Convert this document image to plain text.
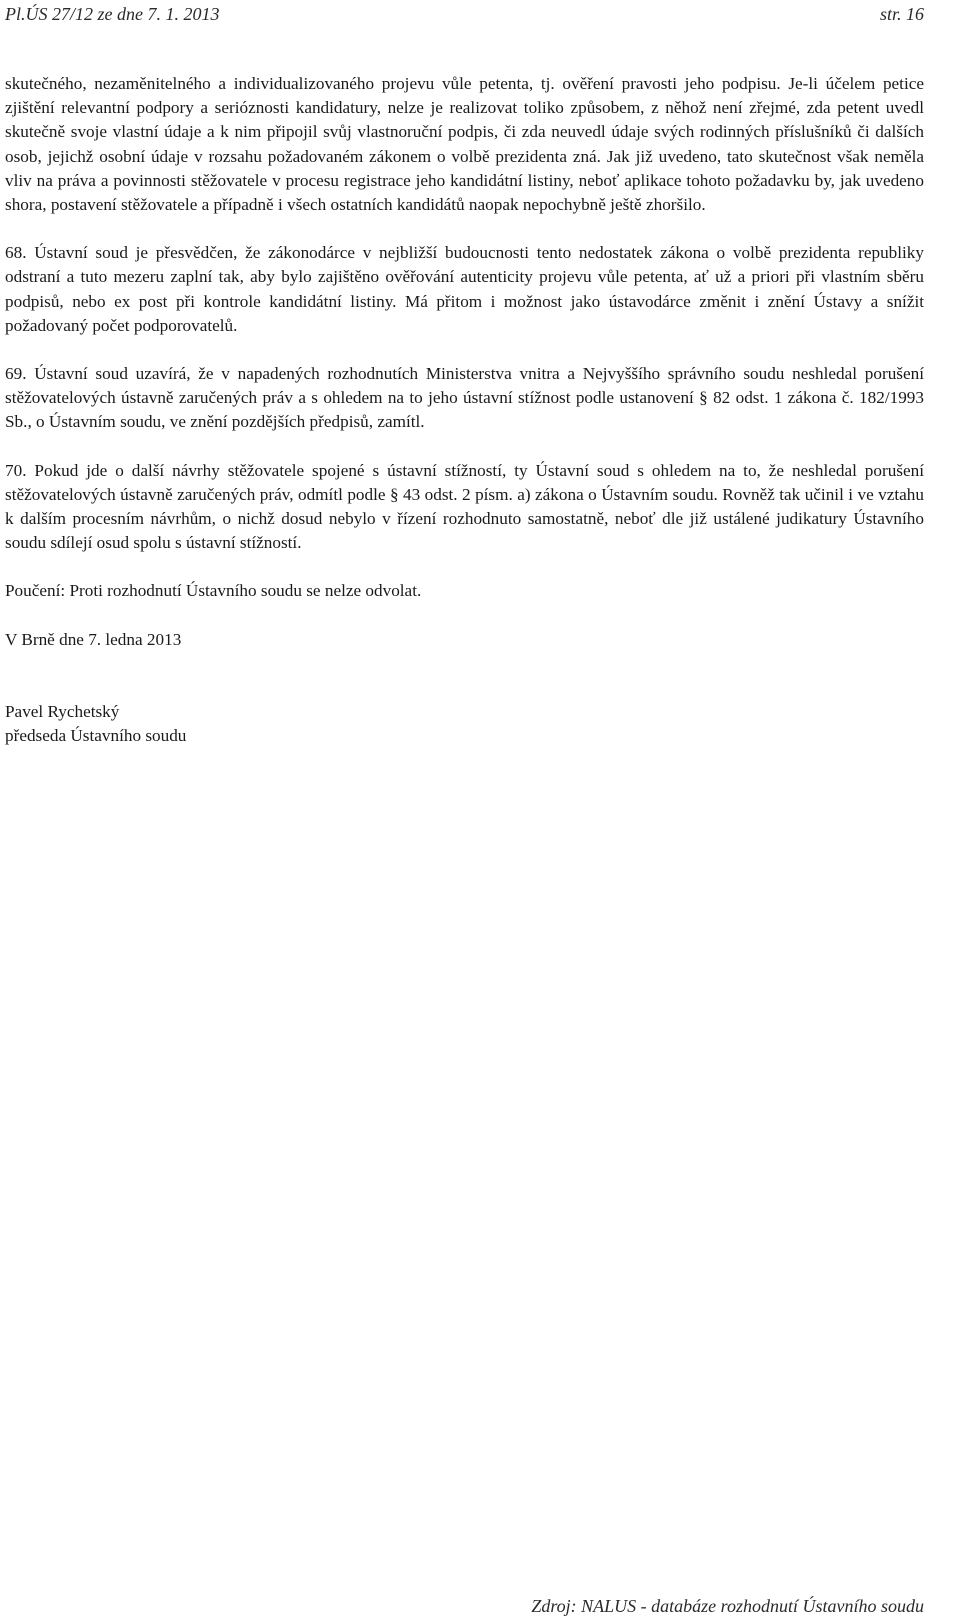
Pl.ÚS 27/12 ze dne 7. 1. 2013	str. 16

skutečného, nezaměnitelného a individualizovaného projevu vůle petenta, tj. ověření pravosti jeho podpisu. Je-li účelem petice zjištění relevantní podpory a serióznosti kandidatury, nelze je realizovat toliko způsobem, z něhož není zřejmé, zda petent uvedl skutečně svoje vlastní údaje a k nim připojil svůj vlastnoruční podpis, či zda neuvedl údaje svých rodinných příslušníků či dalších osob, jejichž osobní údaje v rozsahu požadovaném zákonem o volbě prezidenta zná. Jak již uvedeno, tato skutečnost však neměla vliv na práva a povinnosti stěžovatele v procesu registrace jeho kandidátní listiny, neboť aplikace tohoto požadavku by, jak uvedeno shora, postavení stěžovatele a případně i všech ostatních kandidátů naopak nepochybně ještě zhoršilo.

68. Ústavní soud je přesvědčen, že zákonodárce v nejbližší budoucnosti tento nedostatek zákona o volbě prezidenta republiky odstraní a tuto mezeru zaplní tak, aby bylo zajištěno ověřování autenticity projevu vůle petenta, ať už a priori při vlastním sběru podpisů, nebo ex post při kontrole kandidátní listiny. Má přitom i možnost jako ústavodárce změnit i znění Ústavy a snížit požadovaný počet podporovatelů.

69. Ústavní soud uzavírá, že v napadených rozhodnutích Ministerstva vnitra a Nejvyššího správního soudu neshledal porušení stěžovatelových ústavně zaručených práv a s ohledem na to jeho ústavní stížnost podle ustanovení § 82 odst. 1 zákona č. 182/1993 Sb., o Ústavním soudu, ve znění pozdějších předpisů, zamítl.

70. Pokud jde o další návrhy stěžovatele spojené s ústavní stížností, ty Ústavní soud s ohledem na to, že neshledal porušení stěžovatelových ústavně zaručených práv, odmítl podle § 43 odst. 2 písm. a) zákona o Ústavním soudu. Rovněž tak učinil i ve vztahu k dalším procesním návrhům, o nichž dosud nebylo v řízení rozhodnuto samostatně, neboť dle již ustálené judikatury Ústavního soudu sdílejí osud spolu s ústavní stížností.

Poučení: Proti rozhodnutí Ústavního soudu se nelze odvolat.

V Brně dne 7. ledna 2013

Pavel Rychetský

předseda Ústavního soudu

Zdroj: NALUS - databáze rozhodnutí Ústavního soudu
